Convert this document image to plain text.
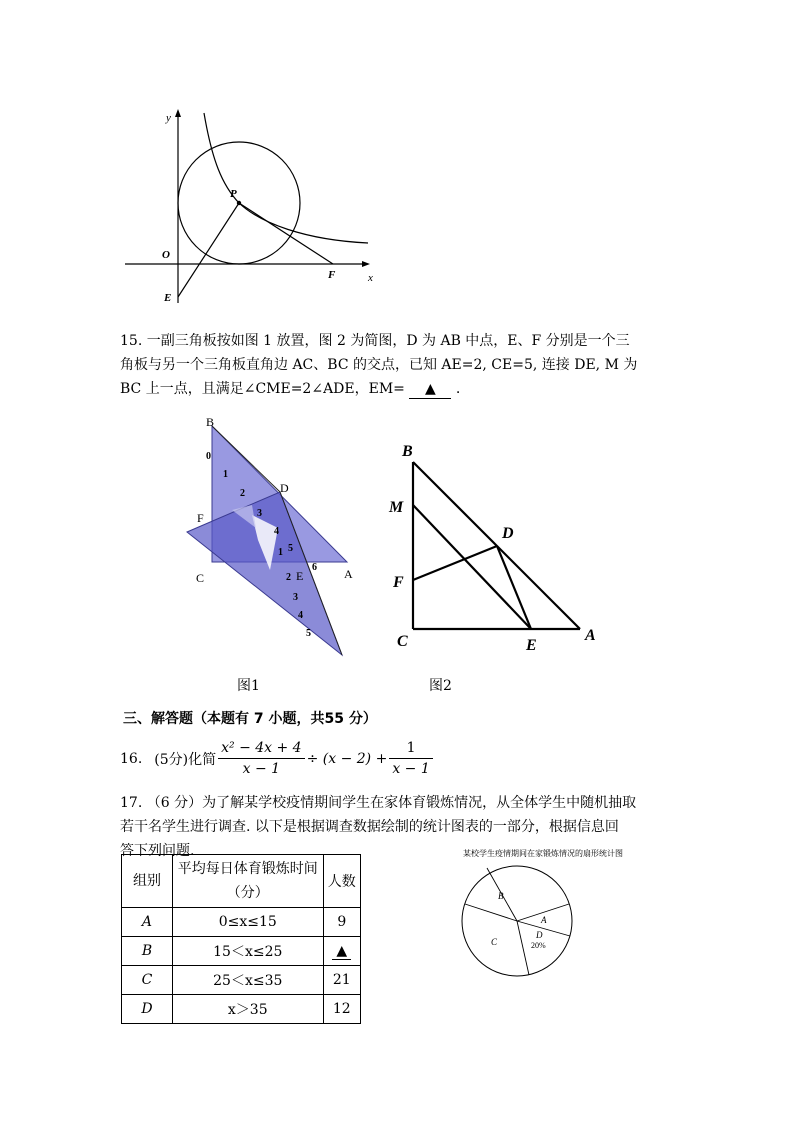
y
x
O
P
E
F
15. 一副三角板按如图 1 放置，图 2 为简图，D 为 AB 中点，E、F 分别是一个三
角板与另一个三角板直角边 AC、BC 的交点，已知 AE=2, CE=5, 连接 DE, M 为
BC 上一点，且满足∠CME=2∠ADE，EM= ▲ .
0
1
2
3
4
5
6
1
2
3
4
5
B
D
F
C	A
E
B
M
D
F
C	E
A
图1	图2
三、解答题（本题有 7 小题，共55 分）
16. (5分)化简 $\frac{\text{x² − 4x + 4}}{x - 1} \div (x - 2) + \frac{1}{x - 1}$
17. （6 分）为了解某学校疫情期间学生在家体育锻炼情况，从全体学生中随机抽取
若干名学生进行调查. 以下是根据调查数据绘制的统计图表的一部分，根据信息回
答下列问题.
组别	平均每日体育锻炼时间（分）	人数
A	0≤x≤15	9
B	15＜x≤25	▲
C	25＜x≤35	21
D	x＞35	12
某校学生疫情期间在家锻炼情况的扇形统计图
B
A
C
D
20%
